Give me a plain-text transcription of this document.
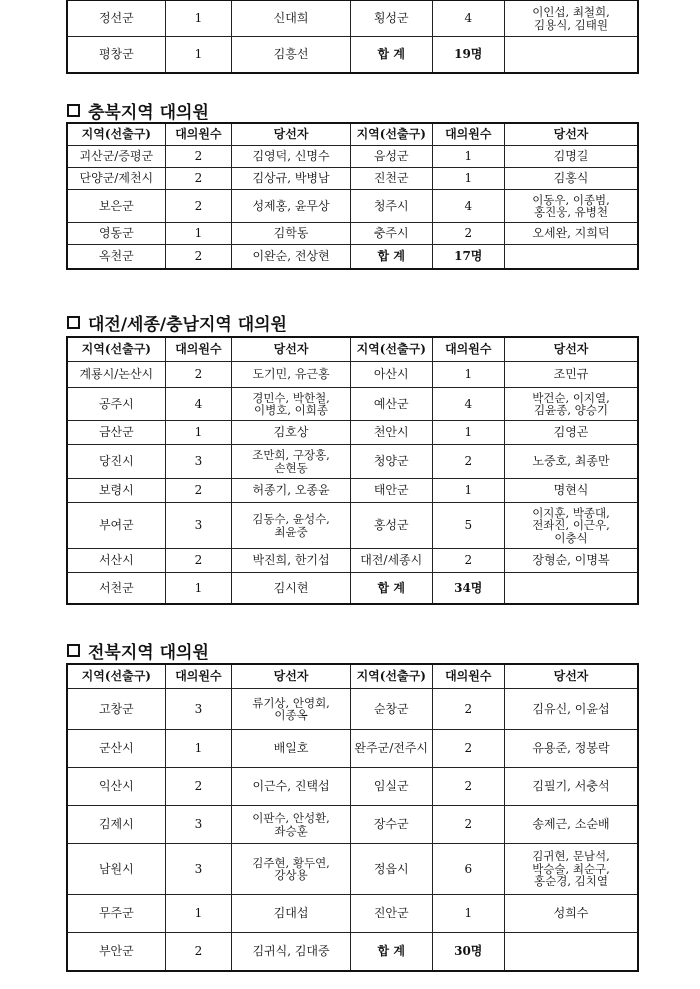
정선군	1	신대희	횡성군	4	이인섭, 최철희,
김용식, 김태원
평창군	1	김흥선	합 계	19명	
충북지역 대의원
지역(선출구)	대의원수	당선자	지역(선출구)	대의원수	당선자
괴산군/증평군	2	김영덕, 신명수	음성군	1	김명길
단양군/제천시	2	김상규, 박병남	진천군	1	김홍식
보은군	2	성제홍, 윤무상	청주시	4	이동우, 이종범,
홍진웅, 유병천
영동군	1	김학동	충주시	2	오세완, 지희덕
옥천군	2	이완순, 전상현	합 계	17명	
대전/세종/충남지역 대의원
지역(선출구)	대의원수	당선자	지역(선출구)	대의원수	당선자
계룡시/논산시	2	도기민, 유근홍	아산시	1	조민규
공주시	4	경민수, 박한철,
이병호, 이희종	예산군	4	박건순, 이지열,
김윤종, 양승기
금산군	1	김호상	천안시	1	김영곤
당진시	3	조만희, 구장홍,
손현동	청양군	2	노중호, 최종만
보령시	2	허종기, 오종윤	태안군	1	명현식
부여군	3	김동수, 윤성수,
최윤중	홍성군	5	이지훈, 박종대,
전좌진, 이근우,
이충식
서산시	2	박진희, 한기섭	대전/세종시	2	장형순, 이명복
서천군	1	김시현	합 계	34명	
전북지역 대의원
지역(선출구)	대의원수	당선자	지역(선출구)	대의원수	당선자
고창군	3	류기상, 안영회,
이종옥	순창군	2	김유신, 이윤섭
군산시	1	배일호	완주군/전주시	2	유용준, 정봉락
익산시	2	이근수, 진택섭	임실군	2	김필기, 서충석
김제시	3	이판수, 안성환,
좌승훈	장수군	2	송제근, 소순배
남원시	3	김주현, 황두연,
강상용	정읍시	6	김귀현, 문남석,
박승술, 최순구,
홍순경, 김치열
무주군	1	김대섭	진안군	1	성희수
부안군	2	김귀식, 김대중	합 계	30명	
